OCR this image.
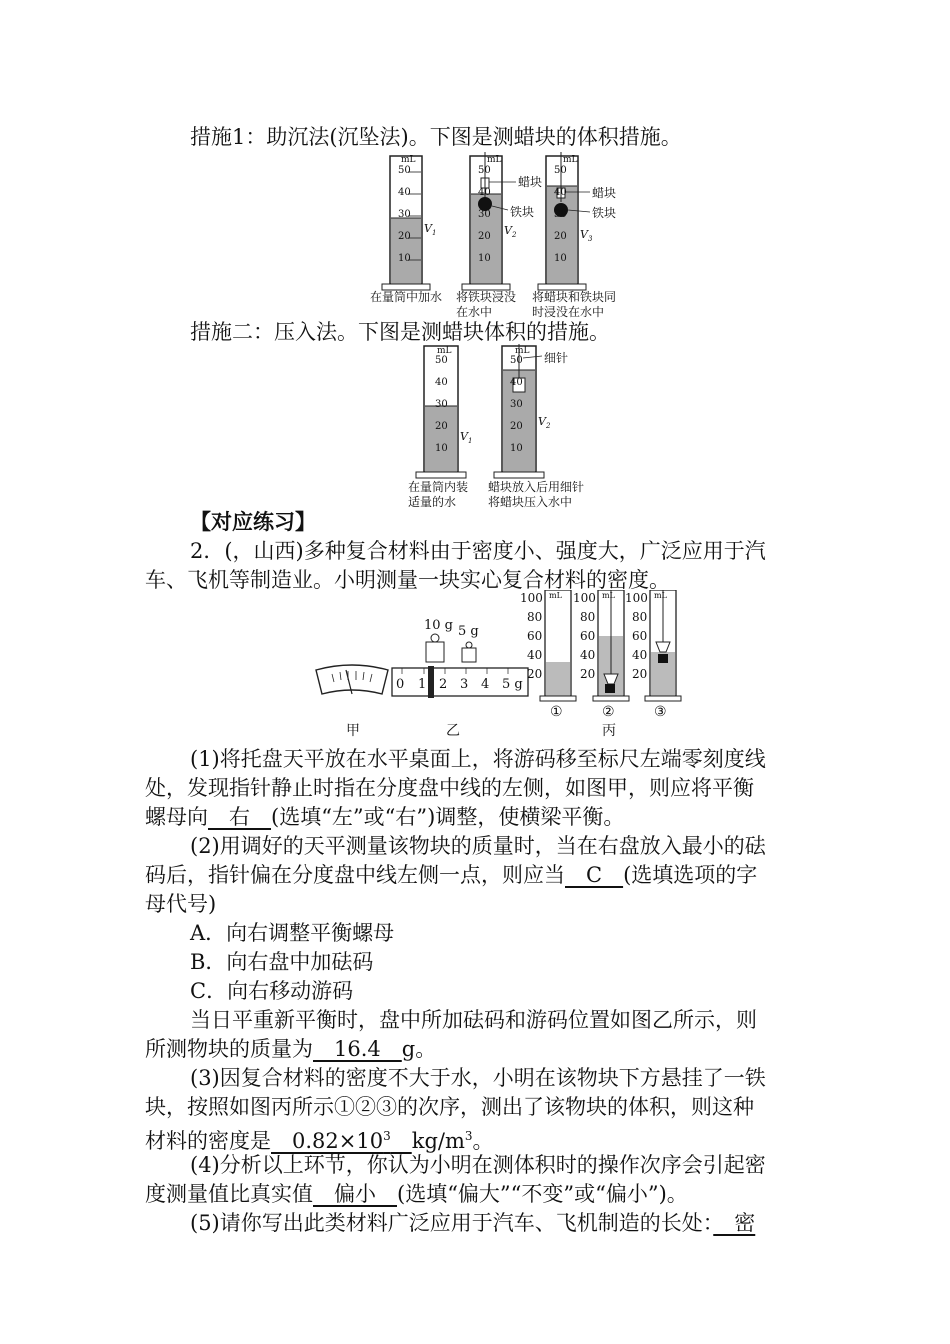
措施1：助沉法(沉坠法)。下图是测蜡块的体积措施。
mL
50
40
30
20
10
$V_1$
mL
50
40
30
20
10
$V_2$
蜡块
铁块
mL
50
40
30
20
10
$V_3$
蜡块
铁块
在量筒中加水 将铁块浸没
在水中
将蜡块和铁块同
时浸没在水中
措施二：压入法。下图是测蜡块体积的措施。
mL
50
40
30
20
10
$V_1$
mL
50
40
30
20
10
$V_2$
细针
在量筒内装
适量的水
蜡块放入后用细针
将蜡块压入水中
【对应练习】
2．(，山西)多种复合材料由于密度小、强度大，广泛应用于汽
车、飞机等制造业。小明测量一块实心复合材料的密度。
10 g 5 g
0 1 2 3 4 5 g
mL
100
80
60
40
20
mL
100
80
60
40
20
mL
100
80
60
40
20
①	②	③
甲	乙	丙
(1)将托盘天平放在水平桌面上，将游码移至标尺左端零刻度线
处，发现指针静止时指在分度盘中线的左侧，如图甲，则应将平衡
螺母向　右　(选填“左”或“右”)调整，使横梁平衡。
(2)用调好的天平测量该物块的质量时，当在右盘放入最小的砝
码后，指针偏在分度盘中线左侧一点，则应当　C　(选填选项的字
母代号)
A．向右调整平衡螺母
B．向右盘中加砝码
C．向右移动游码
当日平重新平衡时，盘中所加砝码和游码位置如图乙所示，则
所测物块的质量为　16.4　g。
(3)因复合材料的密度不大于水，小明在该物块下方悬挂了一铁
块，按照如图丙所示①②③的次序，测出了该物块的体积，则这种
材料的密度是　$0.82\times 10^3$　 $kg/m^3$。
(4)分析以上环节，你认为小明在测体积时的操作次序会引起密
度测量值比真实值　偏小　(选填“偏大”“不变”或“偏小”)。
(5)请你写出此类材料广泛应用于汽车、飞机制造的长处：　密
